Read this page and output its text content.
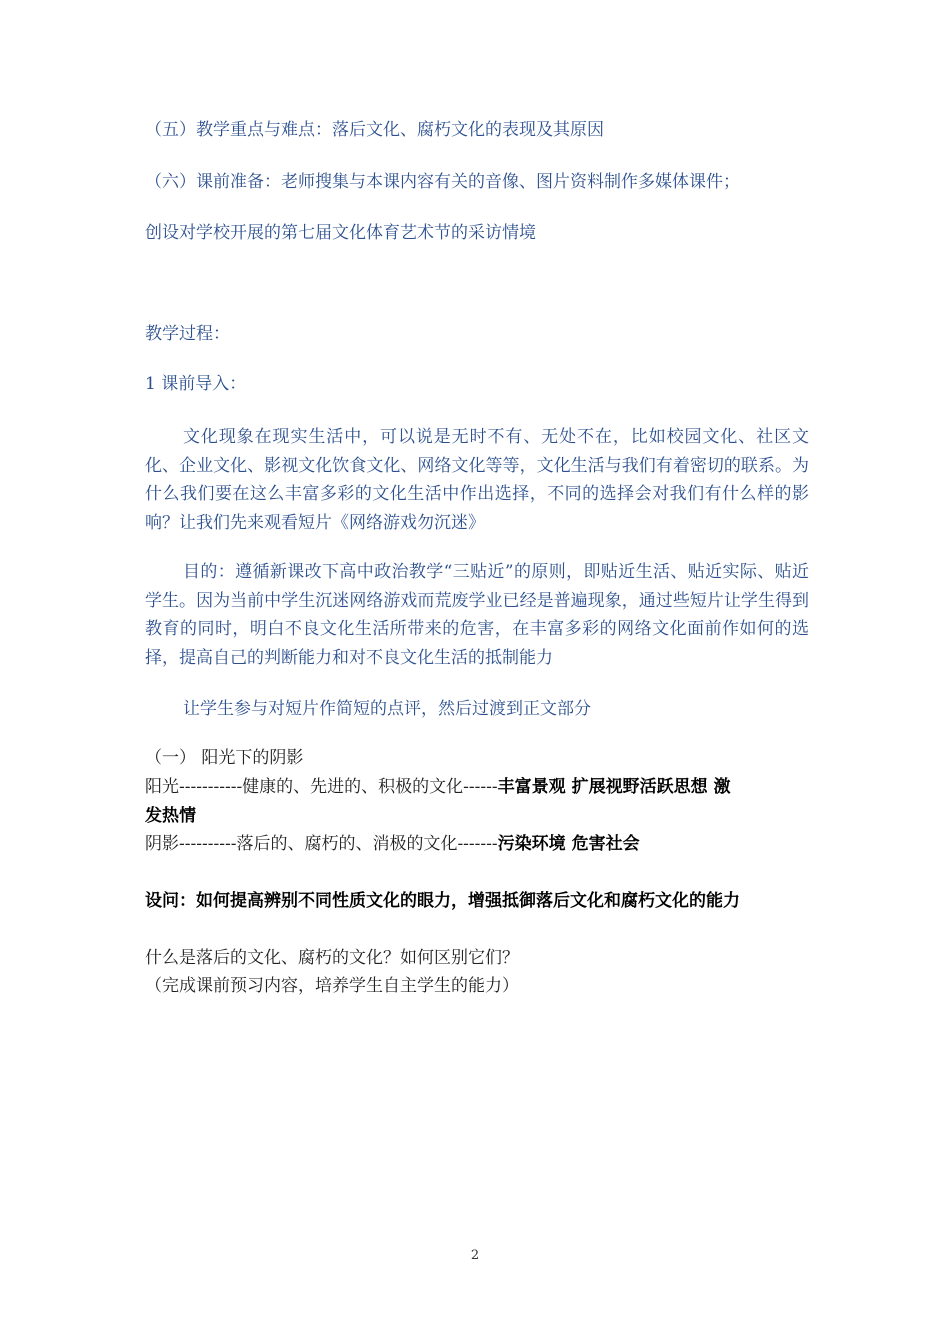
（五）教学重点与难点：落后文化、腐朽文化的表现及其原因
（六）课前准备：老师搜集与本课内容有关的音像、图片资料制作多媒体课件；
创设对学校开展的第七届文化体育艺术节的采访情境
教学过程：
1 课前导入：
文化现象在现实生活中，可以说是无时不有、无处不在，比如校园文化、社区文化、企业文化、影视文化饮食文化、网络文化等等，文化生活与我们有着密切的联系。为什么我们要在这么丰富多彩的文化生活中作出选择，不同的选择会对我们有什么样的影响？让我们先来观看短片《网络游戏勿沉迷》
目的：遵循新课改下高中政治教学“三贴近”的原则，即贴近生活、贴近实际、贴近学生。因为当前中学生沉迷网络游戏而荒废学业已经是普遍现象，通过些短片让学生得到教育的同时，明白不良文化生活所带来的危害，在丰富多彩的网络文化面前作如何的选择，提高自己的判断能力和对不良文化生活的抵制能力
让学生参与对短片作简短的点评，然后过渡到正文部分
（一） 阳光下的阴影
阳光-----------健康的、先进的、积极的文化------丰富景观 扩展视野活跃思想 激
发热情
阴影----------落后的、腐朽的、消极的文化-------污染环境 危害社会
设问：如何提高辨别不同性质文化的眼力，增强抵御落后文化和腐朽文化的能力
什么是落后的文化、腐朽的文化？如何区别它们？
（完成课前预习内容，培养学生自主学生的能力）
2
